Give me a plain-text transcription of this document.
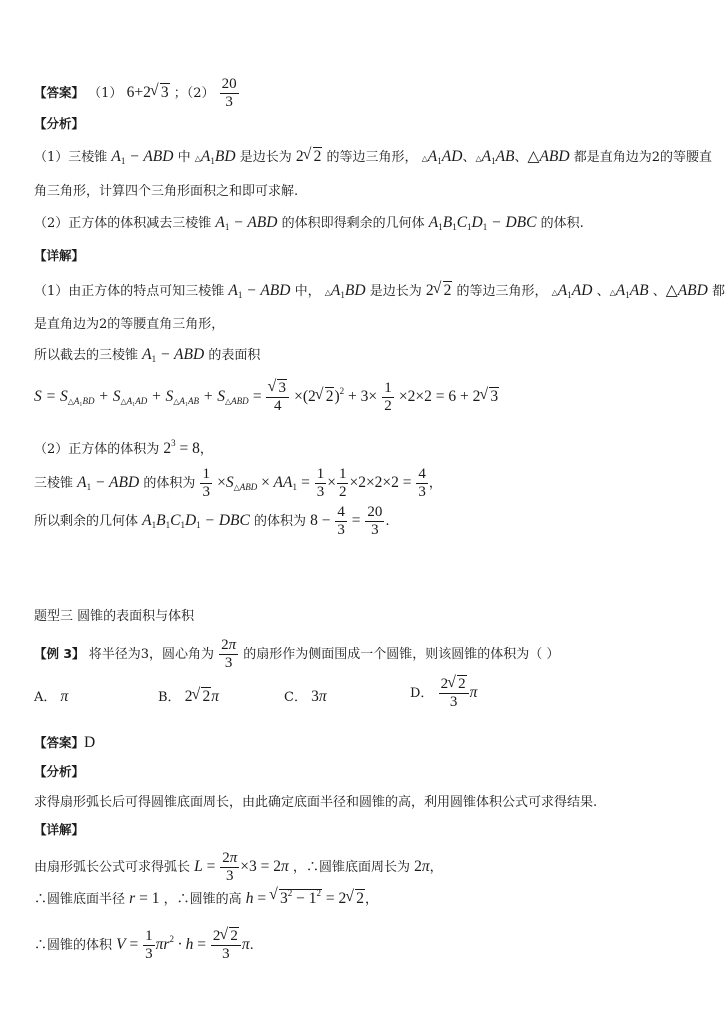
【答案】 （1） 6+2√ 3 ；$(2) \frac{20}{3}$
【分析】
（1）三棱锥 $A_1$ − ABD 中 $\triangle A_1BD$ 是边长为 2√ 2 的等边三角形， $\triangle A_1AD$、$\triangle A_1AB$、△ABD 都是直角边为2的等腰直
角三角形，计算四个三角形面积之和即可求解.
（2）正方体的体积减去三棱锥 $A_1$ − ABD 的体积即得剩余的几何体 $A_1B_1C_1D_1$ − DBC 的体积.
【详解】
（1）由正方体的特点可知三棱锥 $A_1$ − ABD 中， $\triangle A_1BD$ 是边长为 2√ 2 的等边三角形， $\triangle A_1AD$ 、$\triangle A_1AB$ 、△ABD 都
是直角边为2的等腰直角三角形，
所以截去的三棱锥 $A_1$ − ABD 的表面积
$S = S_{\triangle A_1BD} + S_{\triangle A_1AD} + S_{\triangle A_1AB} + S_{\triangle ABD}$ =
√ $\frac{3}{4} \times(2√$ $2)^2 + 3\times \frac{1}{2} \times 2\times 2 = 6 + 2√$ 3
（2）正方体的体积为 $2^3 = 8$，
三棱锥 $A_1$ − ABD 的体积为 $\frac{1}{3} \times S_{\triangle ABD} \times AA_1 = \frac{1}{3} \times \frac{1}{2} \times 2\times 2\times 2 = \frac{4}{3}$ ，
所以剩余的几何体 $A_1B_1C_1D_1$ − DBC 的体积为 $8 - \frac{4}{3} = \frac{20}{3}$ .
题型三 圆锥的表面积与体积
【例 3】 将半径为3，圆心角为 $\frac{2\pi}{3}$ 的扇形作为侧面围成一个圆锥，则该圆锥的体积为（ ）
A． π	B． 2√ 2π	C． 3π	D． $\frac{2√ 2}{3}$ π
【答案】D
【分析】
求得扇形弧长后可得圆锥底面周长，由此确定底面半径和圆锥的高，利用圆锥体积公式可求得结果.
【详解】
由扇形弧长公式可求得弧长 $L = \frac{2\pi}{3} \times 3 = 2\pi$ ，∴圆锥底面周长为 2π，
∴圆锥底面半径 r = 1 ，∴圆锥的高 h = √ $3^2 - 1^2 = 2√$ 2，
∴圆锥的体积 $V = \frac{1}{3} \pi r^2 \cdot h = \frac{2√ 2}{3} \pi$.
